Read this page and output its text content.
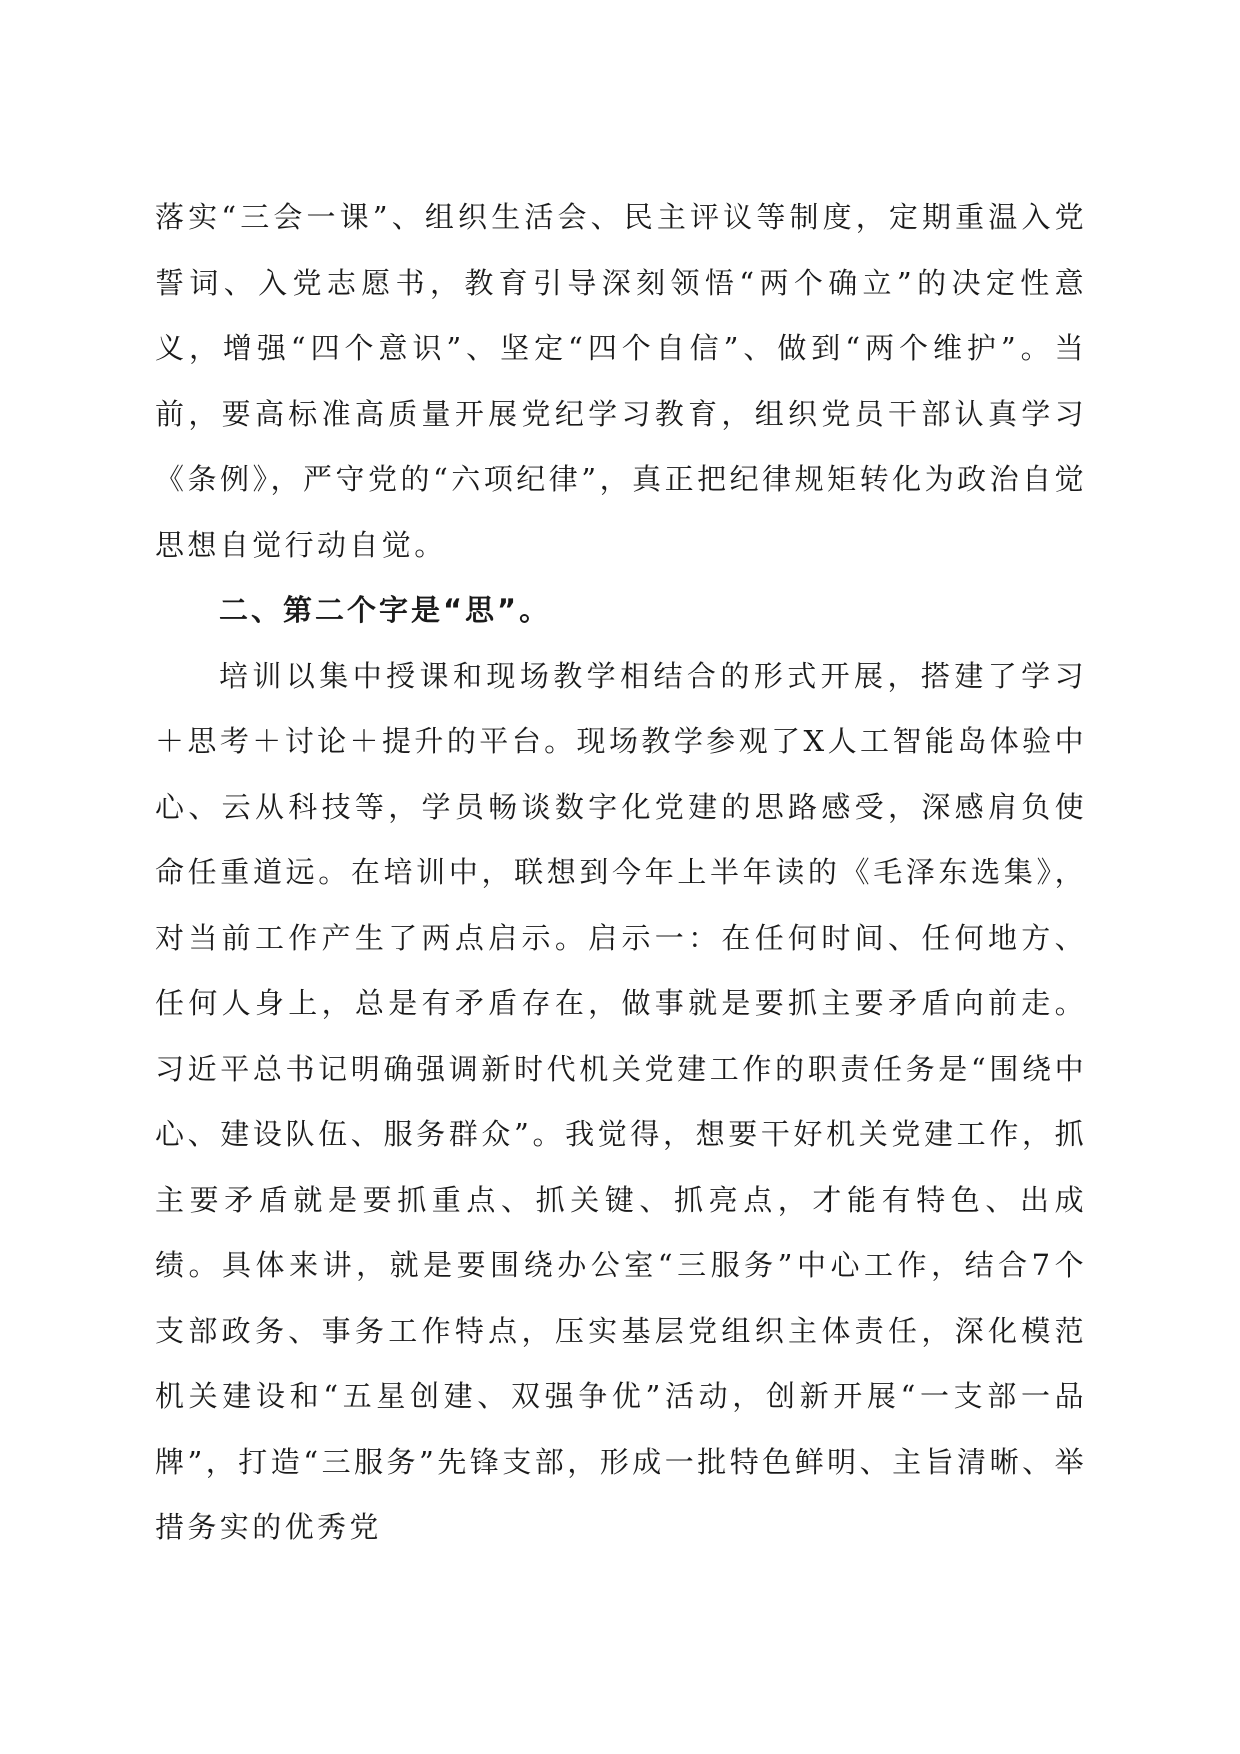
落实“三会一课”、组织生活会、民主评议等制度，定期重温入党誓词、入党志愿书，教育引导深刻领悟“两个确立”的决定性意义，增强“四个意识”、坚定“四个自信”、做到“两个维护”。当前，要高标准高质量开展党纪学习教育，组织党员干部认真学习《条例》，严守党的“六项纪律”，真正把纪律规矩转化为政治自觉思想自觉行动自觉。

二、第二个字是“思”。

培训以集中授课和现场教学相结合的形式开展，搭建了学习＋思考＋讨论＋提升的平台。现场教学参观了X人工智能岛体验中心、云从科技等，学员畅谈数字化党建的思路感受，深感肩负使命任重道远。在培训中，联想到今年上半年读的《毛泽东选集》，对当前工作产生了两点启示。启示一：在任何时间、任何地方、任何人身上，总是有矛盾存在，做事就是要抓主要矛盾向前走。习近平总书记明确强调新时代机关党建工作的职责任务是“围绕中心、建设队伍、服务群众”。我觉得，想要干好机关党建工作，抓主要矛盾就是要抓重点、抓关键、抓亮点，才能有特色、出成绩。具体来讲，就是要围绕办公室“三服务”中心工作，结合7个支部政务、事务工作特点，压实基层党组织主体责任，深化模范机关建设和“五星创建、双强争优”活动，创新开展“一支部一品牌”，打造“三服务”先锋支部，形成一批特色鲜明、主旨清晰、举措务实的优秀党
